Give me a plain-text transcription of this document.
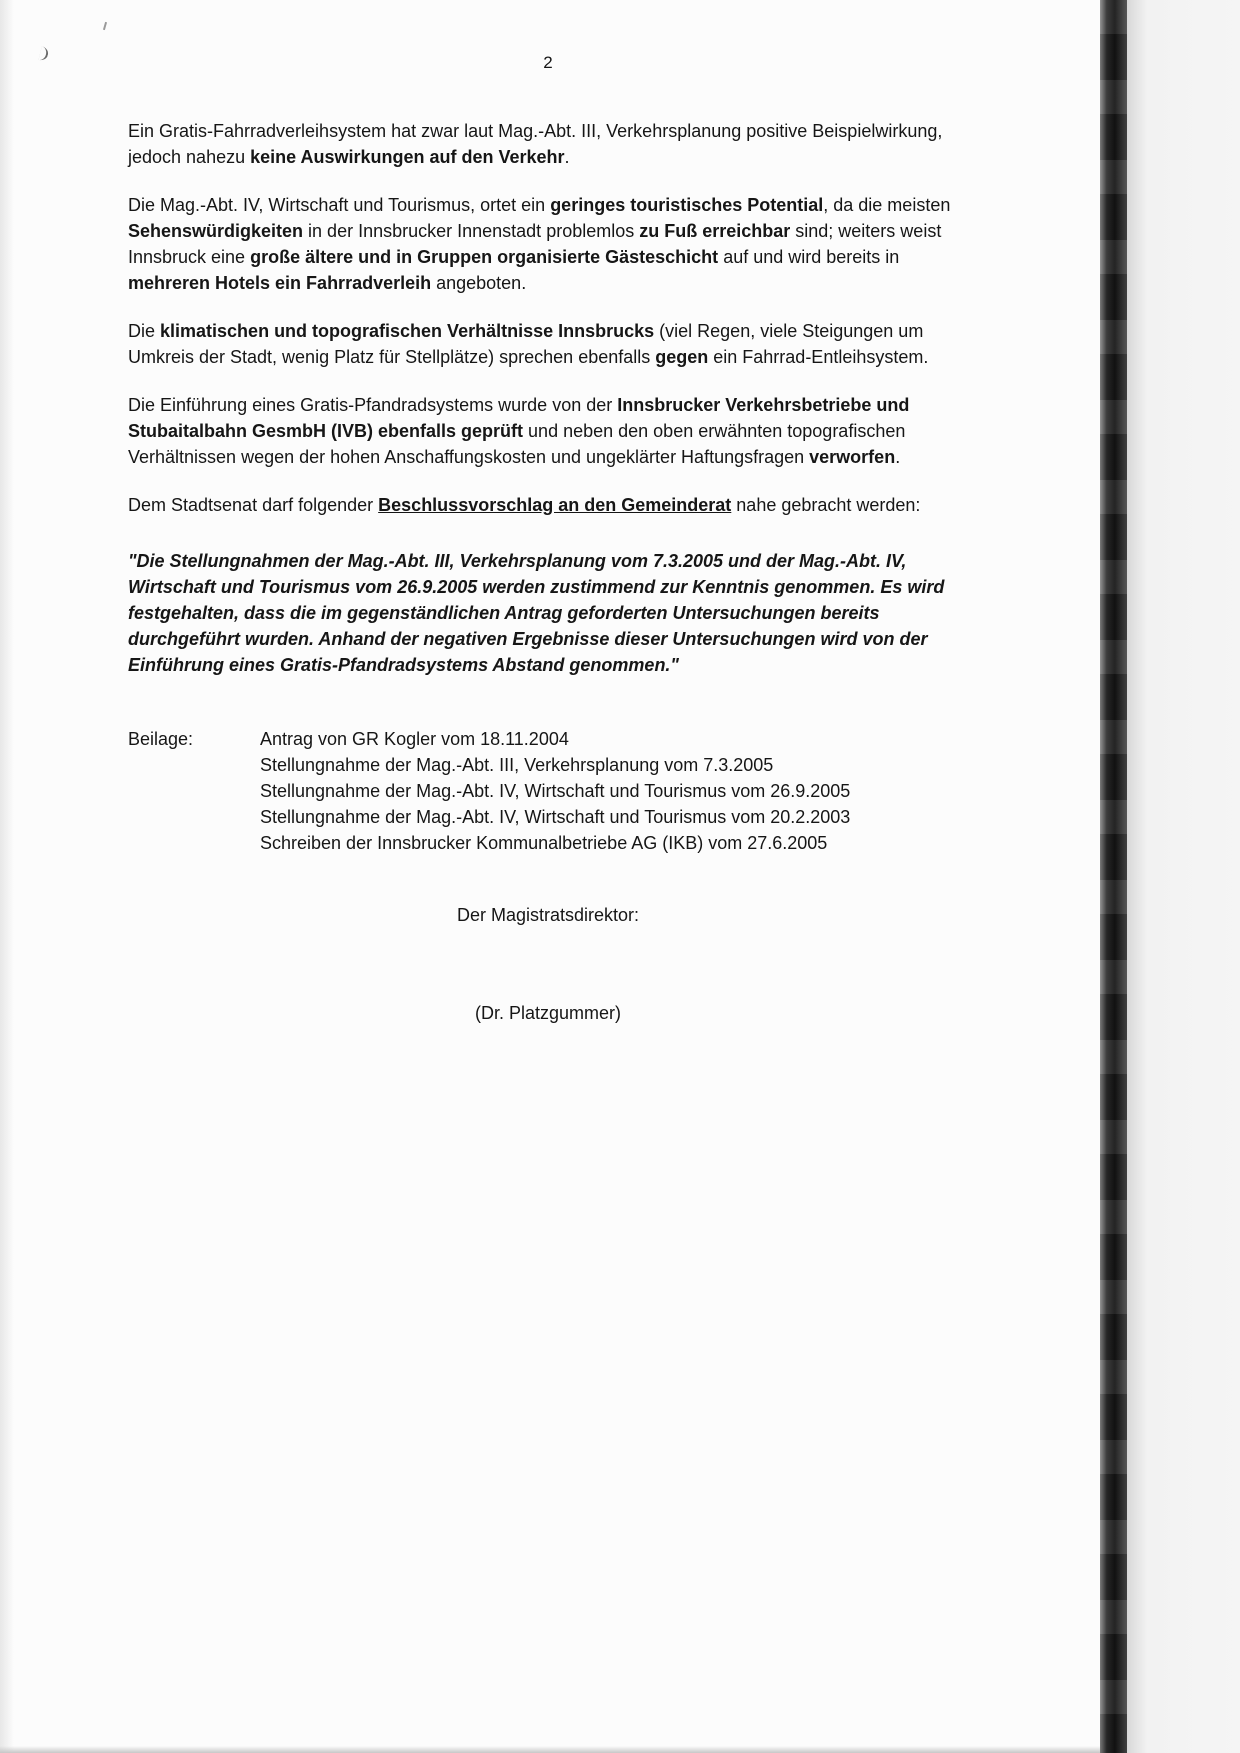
2

Ein Gratis-Fahrradverleihsystem hat zwar laut Mag.-Abt. III, Verkehrsplanung positive Beispielwirkung, jedoch nahezu keine Auswirkungen auf den Verkehr.

Die Mag.-Abt. IV, Wirtschaft und Tourismus, ortet ein geringes touristisches Potential, da die meisten Sehenswürdigkeiten in der Innsbrucker Innenstadt problemlos zu Fuß erreichbar sind; weiters weist Innsbruck eine große ältere und in Gruppen organisierte Gästeschicht auf und wird bereits in mehreren Hotels ein Fahrradverleih angeboten.

Die klimatischen und topografischen Verhältnisse Innsbrucks (viel Regen, viele Steigungen um Umkreis der Stadt, wenig Platz für Stellplätze) sprechen ebenfalls gegen ein Fahrrad-Entleihsystem.

Die Einführung eines Gratis-Pfandradsystems wurde von der Innsbrucker Verkehrsbetriebe und Stubaitalbahn GesmbH (IVB) ebenfalls geprüft und neben den oben erwähnten topografischen Verhältnissen wegen der hohen Anschaffungskosten und ungeklärter Haftungsfragen verworfen.

Dem Stadtsenat darf folgender Beschlussvorschlag an den Gemeinderat nahe gebracht werden:

"Die Stellungnahmen der Mag.-Abt. III, Verkehrsplanung vom 7.3.2005 und der Mag.-Abt. IV, Wirtschaft und Tourismus vom 26.9.2005 werden zustimmend zur Kenntnis genommen. Es wird festgehalten, dass die im gegenständlichen Antrag geforderten Untersuchungen bereits durchgeführt wurden. Anhand der negativen Ergebnisse dieser Untersuchungen wird von der Einführung eines Gratis-Pfandradsystems Abstand genommen."

Beilage:	Antrag von GR Kogler vom 18.11.2004
Stellungnahme der Mag.-Abt. III, Verkehrsplanung vom 7.3.2005
Stellungnahme der Mag.-Abt. IV, Wirtschaft und Tourismus vom 26.9.2005
Stellungnahme der Mag.-Abt. IV, Wirtschaft und Tourismus vom 20.2.2003
Schreiben der Innsbrucker Kommunalbetriebe AG (IKB) vom 27.6.2005
Der Magistratsdirektor:
(Dr. Platzgummer)
